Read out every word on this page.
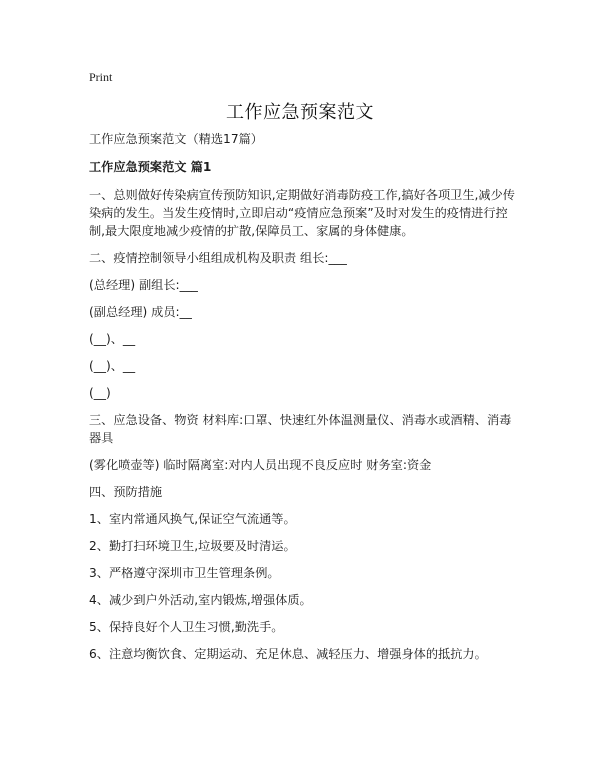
Print
工作应急预案范文

工作应急预案范文（精选17篇）

工作应急预案范文 篇1

一、总则做好传染病宣传预防知识,定期做好消毒防疫工作,搞好各项卫生,减少传染病的发生。当发生疫情时,立即启动“疫情应急预案”及时对发生的疫情进行控制,最大限度地减少疫情的扩散,保障员工、家属的身体健康。

二、疫情控制领导小组组成机构及职责 组长:___

(总经理) 副组长:___

(副总经理) 成员:__

(__)、__

(__)、__

(__)

三、应急设备、物资 材料库:口罩、快速红外体温测量仪、消毒水或酒精、消毒器具

(雾化喷壶等) 临时隔离室:对内人员出现不良反应时 财务室:资金

四、预防措施

1、室内常通风换气,保证空气流通等。

2、勤打扫环境卫生,垃圾要及时清运。

3、严格遵守深圳市卫生管理条例。

4、减少到户外活动,室内锻炼,增强体质。

5、保持良好个人卫生习惯,勤洗手。

6、注意均衡饮食、定期运动、充足休息、减轻压力、增强身体的抵抗力。
